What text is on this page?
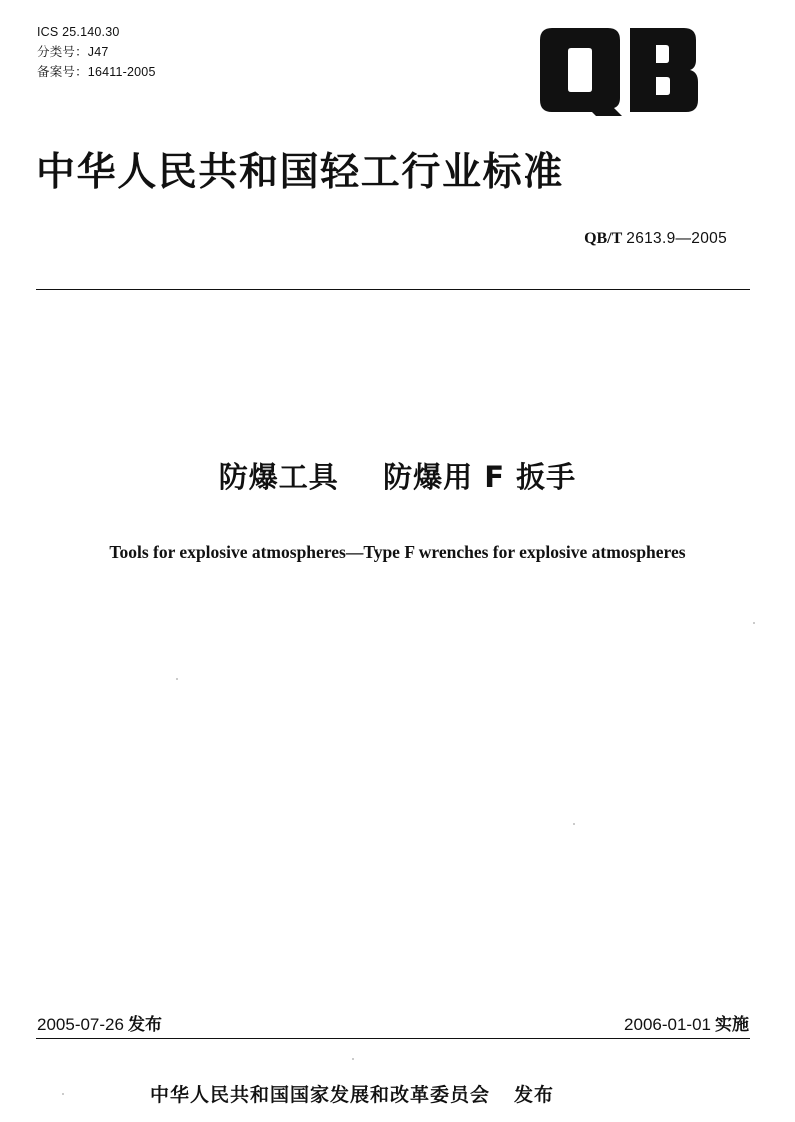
ICS 25.140.30
分类号：J47
备案号：16411-2005
中华人民共和国轻工行业标准
QB/T 2613.9—2005
防爆工具    防爆用 F 扳手
Tools for explosive atmospheres—Type F wrenches for explosive atmospheres
2005-07-26 发布	2006-01-01 实施
中华人民共和国国家发展和改革委员会 发布
